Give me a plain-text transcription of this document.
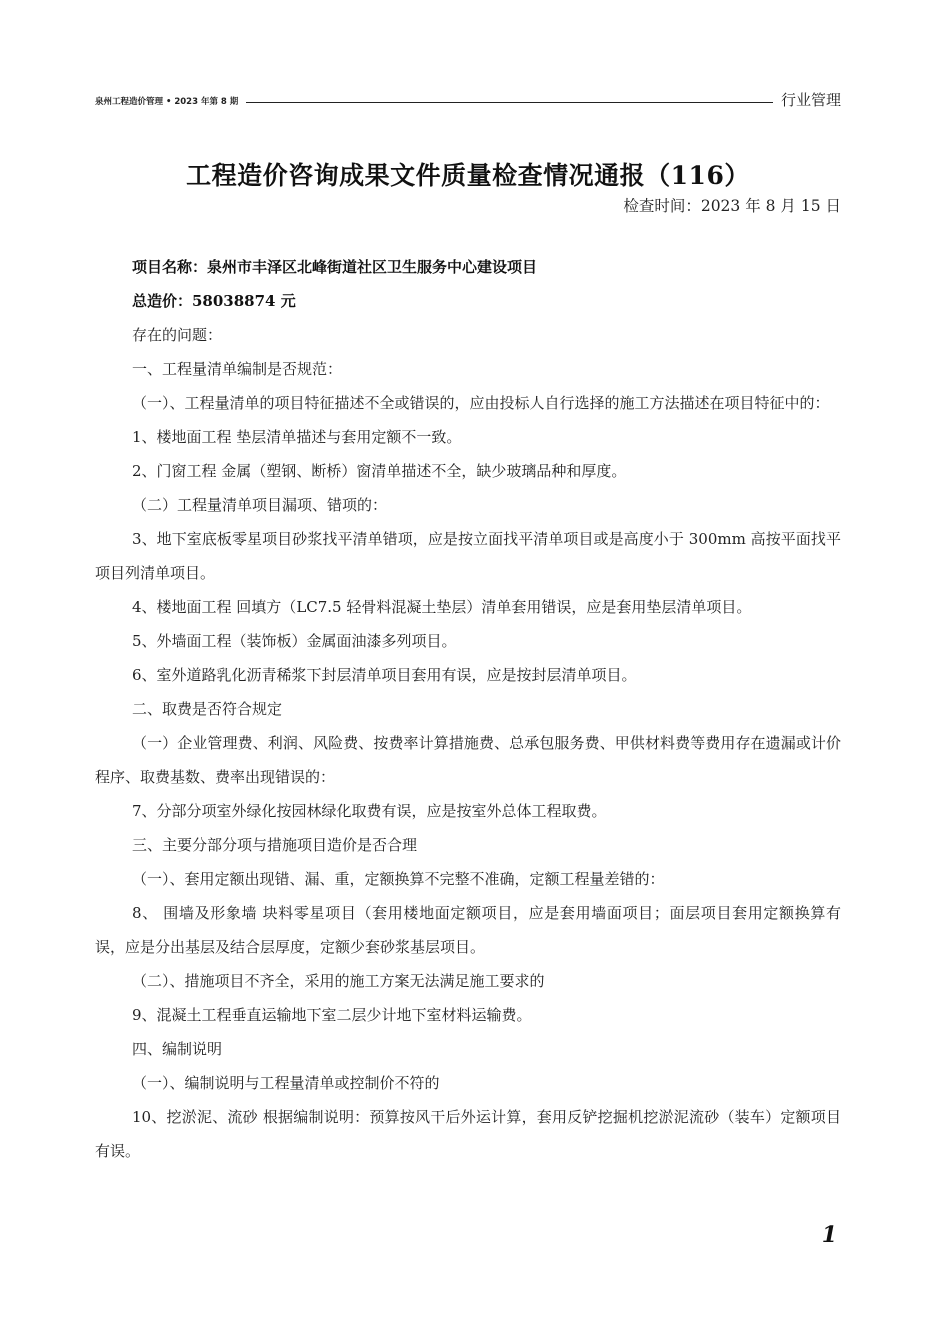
泉州工程造价管理 • 2023 年第 8 期	行业管理
工程造价咨询成果文件质量检查情况通报（116）
检查时间：2023 年 8 月 15 日

项目名称：泉州市丰泽区北峰街道社区卫生服务中心建设项目

总造价：58038874 元

存在的问题：

一、工程量清单编制是否规范：

（一）、工程量清单的项目特征描述不全或错误的，应由投标人自行选择的施工方法描述在项目特征中的：

1、楼地面工程 垫层清单描述与套用定额不一致。

2、门窗工程 金属（塑钢、断桥）窗清单描述不全，缺少玻璃品种和厚度。

（二）工程量清单项目漏项、错项的：

3、地下室底板零星项目砂浆找平清单错项，应是按立面找平清单项目或是高度小于 300mm 高按平面找平项目列清单项目。

4、楼地面工程 回填方（LC7.5 轻骨料混凝土垫层）清单套用错误，应是套用垫层清单项目。

5、外墙面工程（装饰板）金属面油漆多列项目。

6、室外道路乳化沥青稀浆下封层清单项目套用有误，应是按封层清单项目。

二、取费是否符合规定

（一）企业管理费、利润、风险费、按费率计算措施费、总承包服务费、甲供材料费等费用存在遗漏或计价程序、取费基数、费率出现错误的：

7、分部分项室外绿化按园林绿化取费有误，应是按室外总体工程取费。

三、主要分部分项与措施项目造价是否合理

（一）、套用定额出现错、漏、重，定额换算不完整不准确，定额工程量差错的：

8、 围墙及形象墙 块料零星项目（套用楼地面定额项目，应是套用墙面项目；面层项目套用定额换算有误，应是分出基层及结合层厚度，定额少套砂浆基层项目。

（二）、措施项目不齐全，采用的施工方案无法满足施工要求的

9、混凝土工程垂直运输地下室二层少计地下室材料运输费。

四、编制说明

（一）、编制说明与工程量清单或控制价不符的

10、挖淤泥、流砂 根据编制说明：预算按风干后外运计算，套用反铲挖掘机挖淤泥流砂（装车）定额项目有误。

1
